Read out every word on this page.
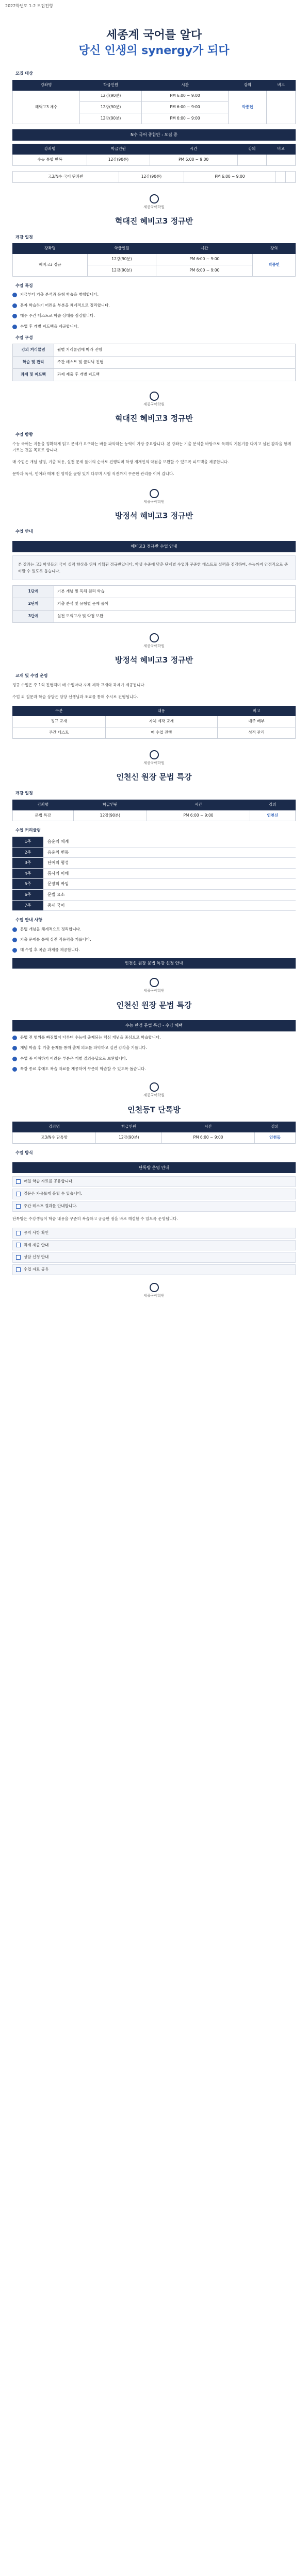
2022학년도 1-2 모집전형
세종계 국어를 알다
당신 인생의 synergy가 되다
모집 대상
강좌명	학급인원	시간	강의	비고
혜택고3 재수	12강(90분)	PM 6:00 ~ 9:00	박종헌	
	12강(90분)	PM 6:00 ~ 9:00		
	12강(90분)	PM 6:00 ~ 9:00		
N수 국어 종합반 : 모집 중
강좌명	학급인원	시간	강의	비고
수능 통합 반복	12강(90분)	PM 6:00 ~ 9:00		
고3/N수 국어 단과반	12강(90분)	PM 6:00 ~ 9:00		
세종국어학원
혁대진 혜비고3 정규반
개강 일정
강좌명	학급인원	시간	강의
혜비고3 정규	12강(90분)	PM 6:00 ~ 9:00	박종헌
	12강(90분)	PM 6:00 ~ 9:00	
수업 특징
지금부터 기출 분석과 유형 학습을 병행합니다.
혼자 학습하기 어려운 부분을 체계적으로 정리합니다.
매주 주간 테스트로 학습 상태를 점검합니다.
수업 후 개별 피드백을 제공합니다.
수업 구성
강의 커리큘럼	월별 커리큘럼에 따라 진행
학습 및 관리	주간 테스트 및 클리닉 진행
과제 및 피드백	과제 제출 후 개별 피드백
세종국어학원
혁대진 혜비고3 정규반
수업 방향

수능 국어는 지문을 정확하게 읽고 문제가 요구하는 바를 파악하는 능력이 가장 중요합니다. 본 강좌는 기출 분석을 바탕으로 독해의 기본기를 다지고 실전 감각을 함께 기르는 것을 목표로 합니다.

매 수업은 개념 설명, 기출 적용, 실전 문제 풀이의 순서로 진행되며 학생 개개인의 약점을 보완할 수 있도록 피드백을 제공합니다.

문학과 독서, 언어와 매체 전 영역을 균형 있게 다루며 시험 직전까지 꾸준한 관리를 이어 갑니다.

세종국어학원
방정석 혜비고3 정규반
수업 안내
혜비고3 정규반 수업 안내
본 강좌는 고3 학생들의 국어 실력 향상을 위해 기획된 정규반입니다. 학생 수준에 맞춘 단계별 수업과 꾸준한 테스트로 실력을 점검하며, 수능까지 안정적으로 준비할 수 있도록 돕습니다.
1단계	기본 개념 및 독해 원리 학습
2단계	기출 분석 및 유형별 문제 풀이
3단계	실전 모의고사 및 약점 보완
세종국어학원
방정석 혜비고3 정규반
교재 및 수업 운영

정규 수업은 주 1회 진행되며 매 수업마다 자체 제작 교재와 과제가 제공됩니다.

수업 외 질문과 학습 상담은 담당 선생님과 조교를 통해 수시로 진행됩니다.

구분	내용	비고
정규 교재	자체 제작 교재	매주 배부
주간 테스트	매 수업 진행	성적 관리
세종국어학원
인천신 원장 문법 특강
개강 일정
강좌명	학급인원	시간	강의
문법 특강	12강(90분)	PM 6:00 ~ 9:00	인천신
수업 커리큘럼
1주	음운의 체계
2주	음운의 변동
3주	단어의 형성
4주	품사의 이해
5주	문장의 짜임
6주	문법 요소
7주	중세 국어
수업 안내 사항
문법 개념을 체계적으로 정리합니다.
기출 문제를 통해 실전 적용력을 기릅니다.
매 수업 후 복습 과제를 제공합니다.
인천신 원장 문법 특강 신청 안내
세종국어학원
인천신 원장 문법 특강
수능 만점 문법 특강 - 수강 혜택
문법 전 범위를 빠짐없이 다루며 수능에 출제되는 핵심 개념을 중심으로 학습합니다.
개념 학습 후 기출 문제를 통해 출제 의도를 파악하고 실전 감각을 기릅니다.
수업 중 이해하기 어려운 부분은 개별 질의응답으로 보완합니다.
특강 종료 후에도 복습 자료를 제공하여 꾸준히 학습할 수 있도록 돕습니다.
세종국어학원
인천등T 단톡방
강좌명	학급인원	시간	강의
고3/N수 단톡방	12강(90분)	PM 6:00 ~ 9:00	인천등
수업 방식
단톡방 운영 안내
매일 학습 자료를 공유합니다.
질문은 자유롭게 올릴 수 있습니다.
주간 테스트 결과를 안내합니다.

단톡방은 수강생들이 학습 내용을 꾸준히 복습하고 궁금한 점을 바로 해결할 수 있도록 운영됩니다.

공지 사항 확인
과제 제출 안내
상담 신청 안내
수업 자료 공유
세종국어학원
